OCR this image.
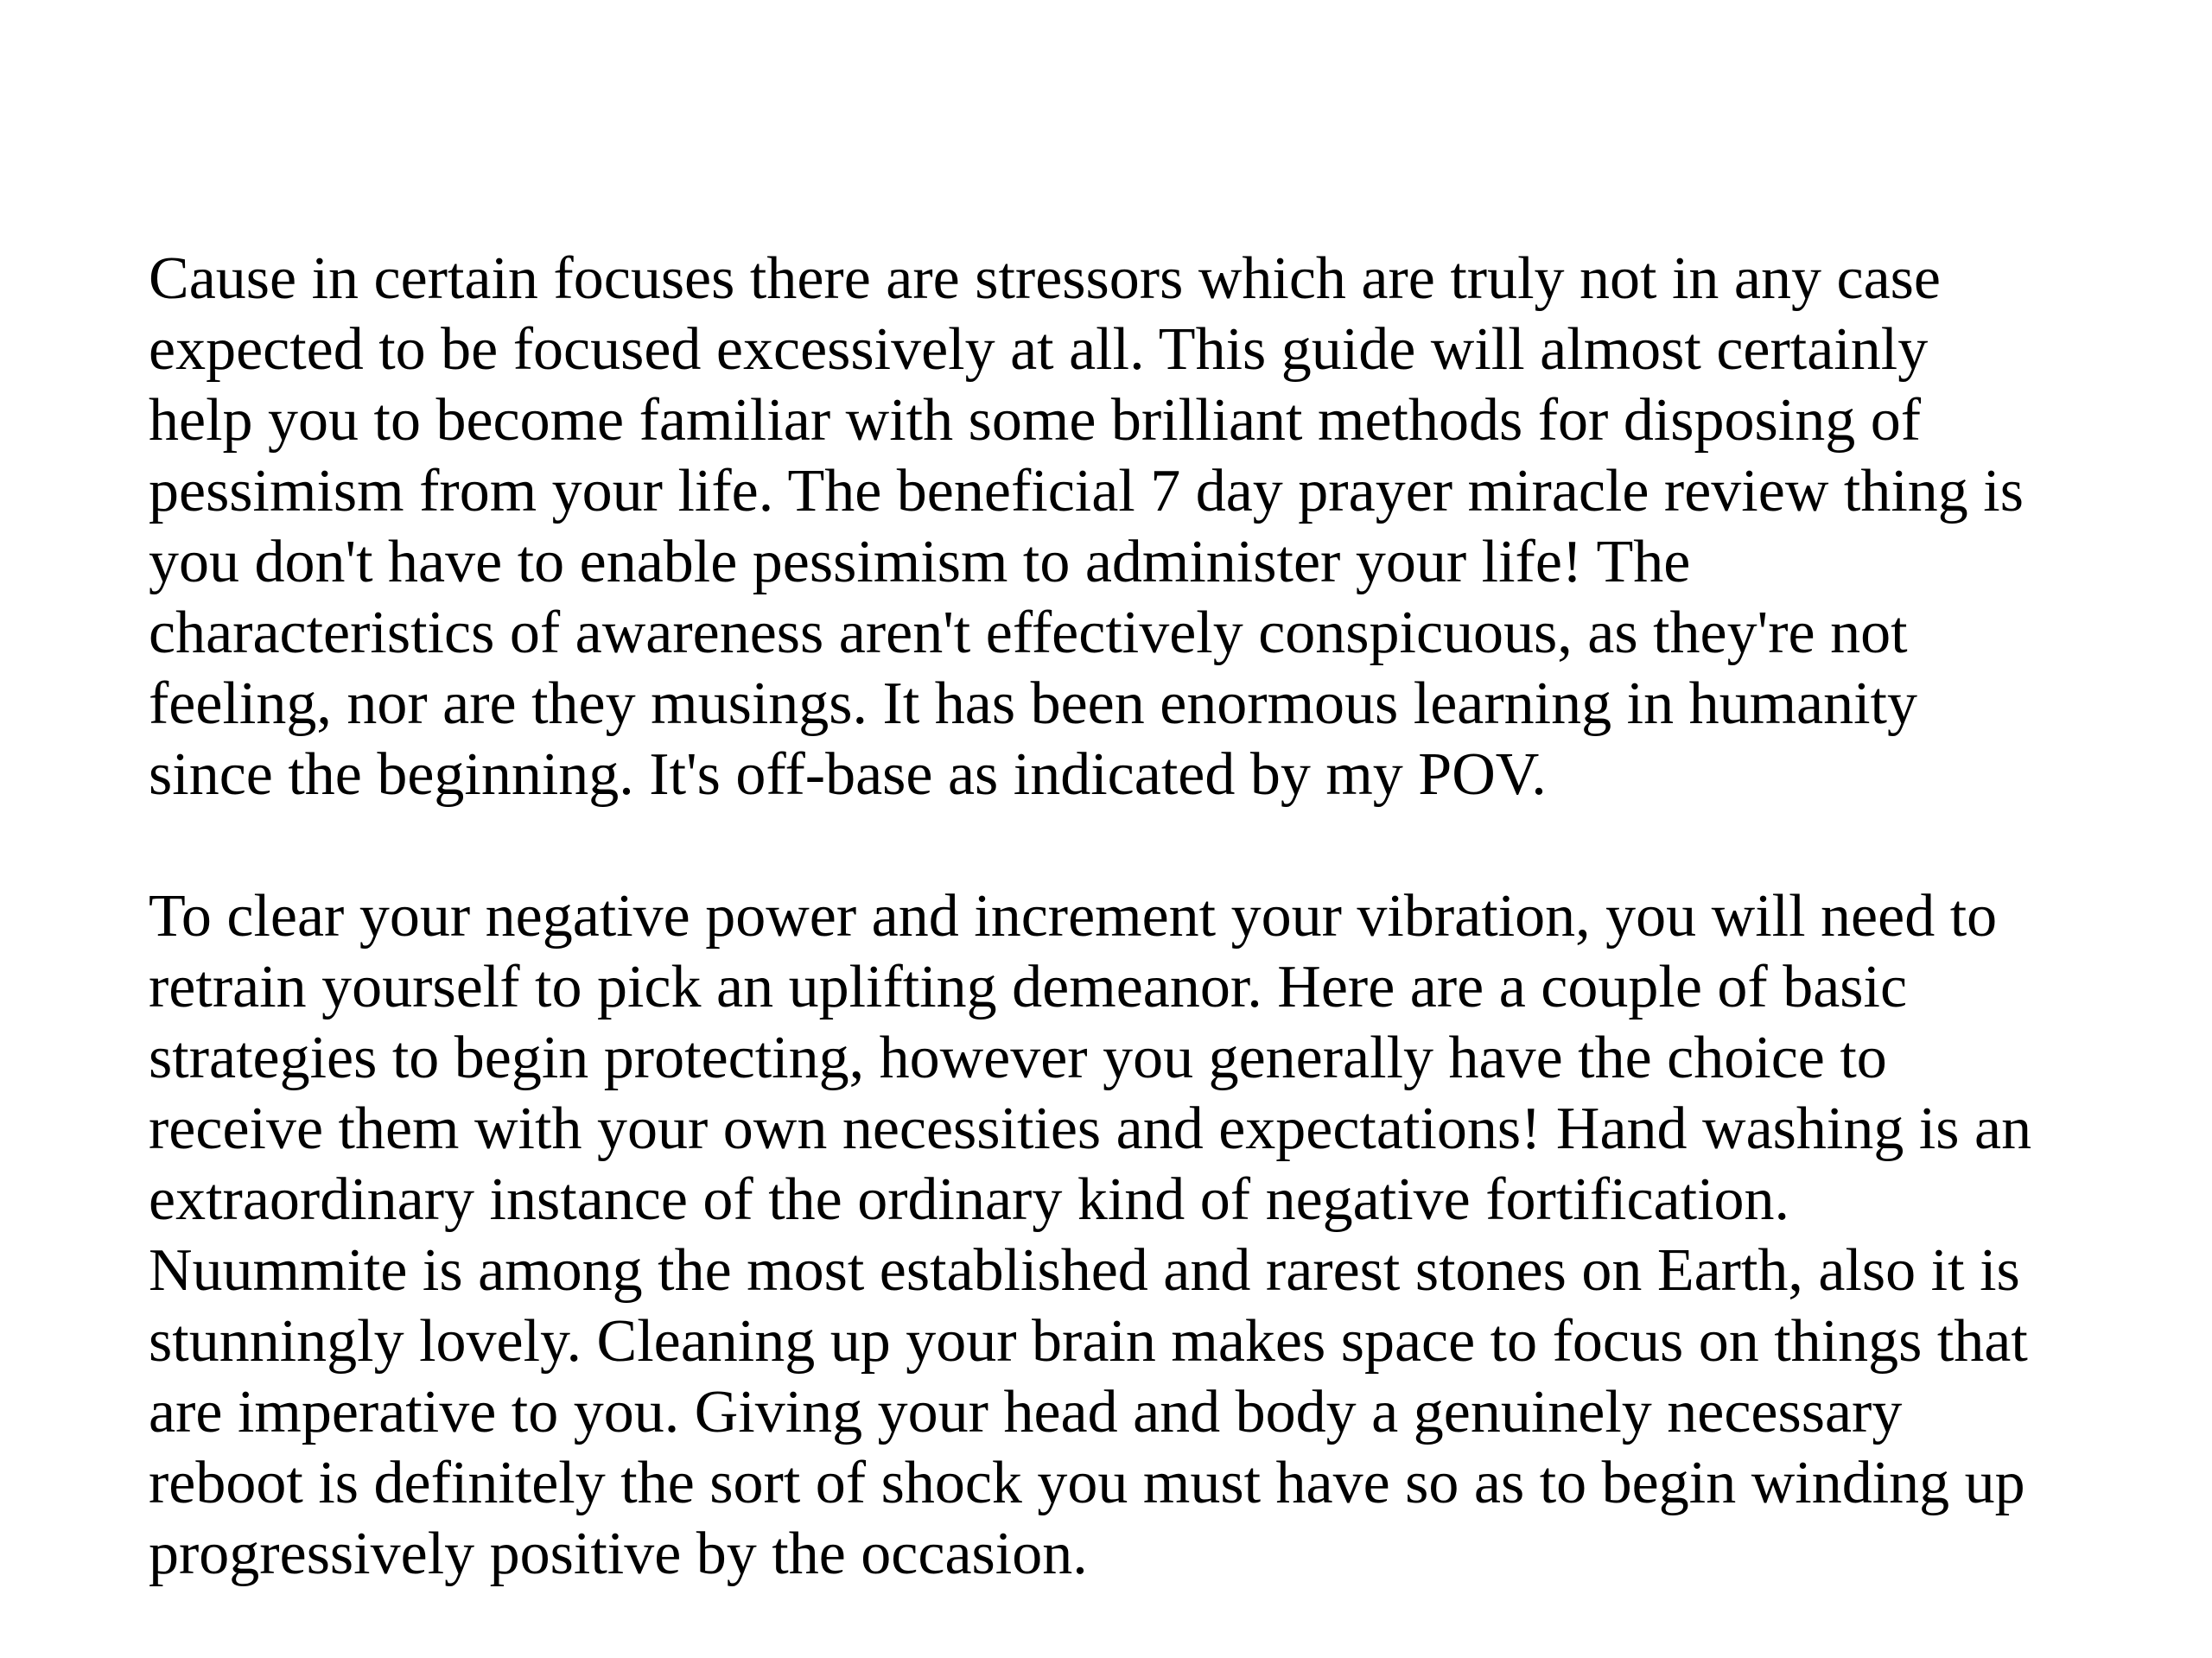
Cause in certain focuses there are stressors which are truly not in any case
expected to be focused excessively at all. This guide will almost certainly
help you to become familiar with some brilliant methods for disposing of
pessimism from your life. The beneficial 7 day prayer miracle review thing is
you don't have to enable pessimism to administer your life! The
characteristics of awareness aren't effectively conspicuous, as they're not
feeling, nor are they musings. It has been enormous learning in humanity
since the beginning. It's off-base as indicated by my POV.

To clear your negative power and increment your vibration, you will need to
retrain yourself to pick an uplifting demeanor. Here are a couple of basic
strategies to begin protecting, however you generally have the choice to
receive them with your own necessities and expectations! Hand washing is an
extraordinary instance of the ordinary kind of negative fortification.
Nuummite is among the most established and rarest stones on Earth, also it is
stunningly lovely. Cleaning up your brain makes space to focus on things that
are imperative to you. Giving your head and body a genuinely necessary
reboot is definitely the sort of shock you must have so as to begin winding up
progressively positive by the occasion.
